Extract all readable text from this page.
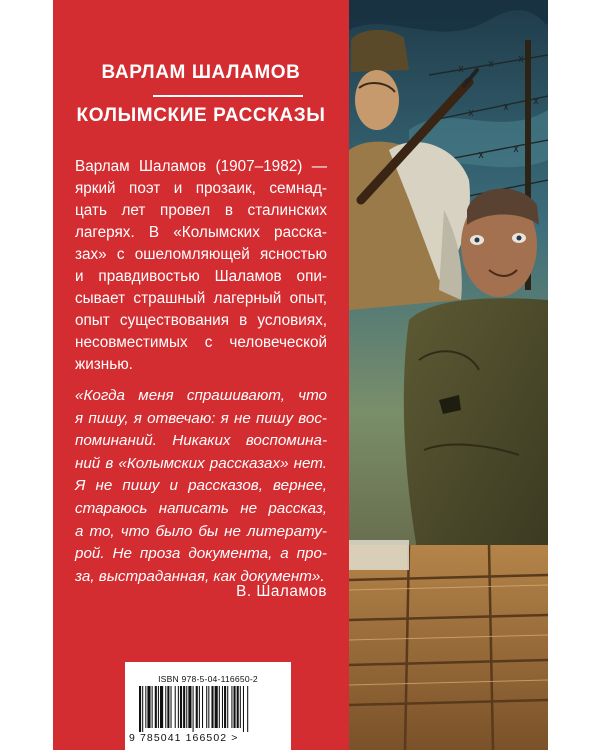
ВАРЛАМ ШАЛАМОВ
КОЛЫМСКИЕ РАССКАЗЫ

Варлам Шаламов (1907–1982) —
яркий поэт и прозаик, семнад-
цать лет провел в сталинских
лагерях. В «Колымских расска-
зах» с ошеломляющей ясностью
и правдивостью Шаламов опи-
сывает страшный лагерный опыт,
опыт существования в условиях,
несовместимых с человеческой
жизнью.

«Когда меня спрашивают, что
я пишу, я отвечаю: я не пишу вос-
поминаний. Никаких воспомина-
ний в «Колымских рассказах» нет.
Я не пишу и рассказов, вернее,
стараюсь написать не рассказ,
а то, что было бы не литерату-
рой. Не проза документа, а про-
за, выстраданная, как документ».

В. Шаламов
ISBN 978-5-04-116650-2
9 785041 166502 >
